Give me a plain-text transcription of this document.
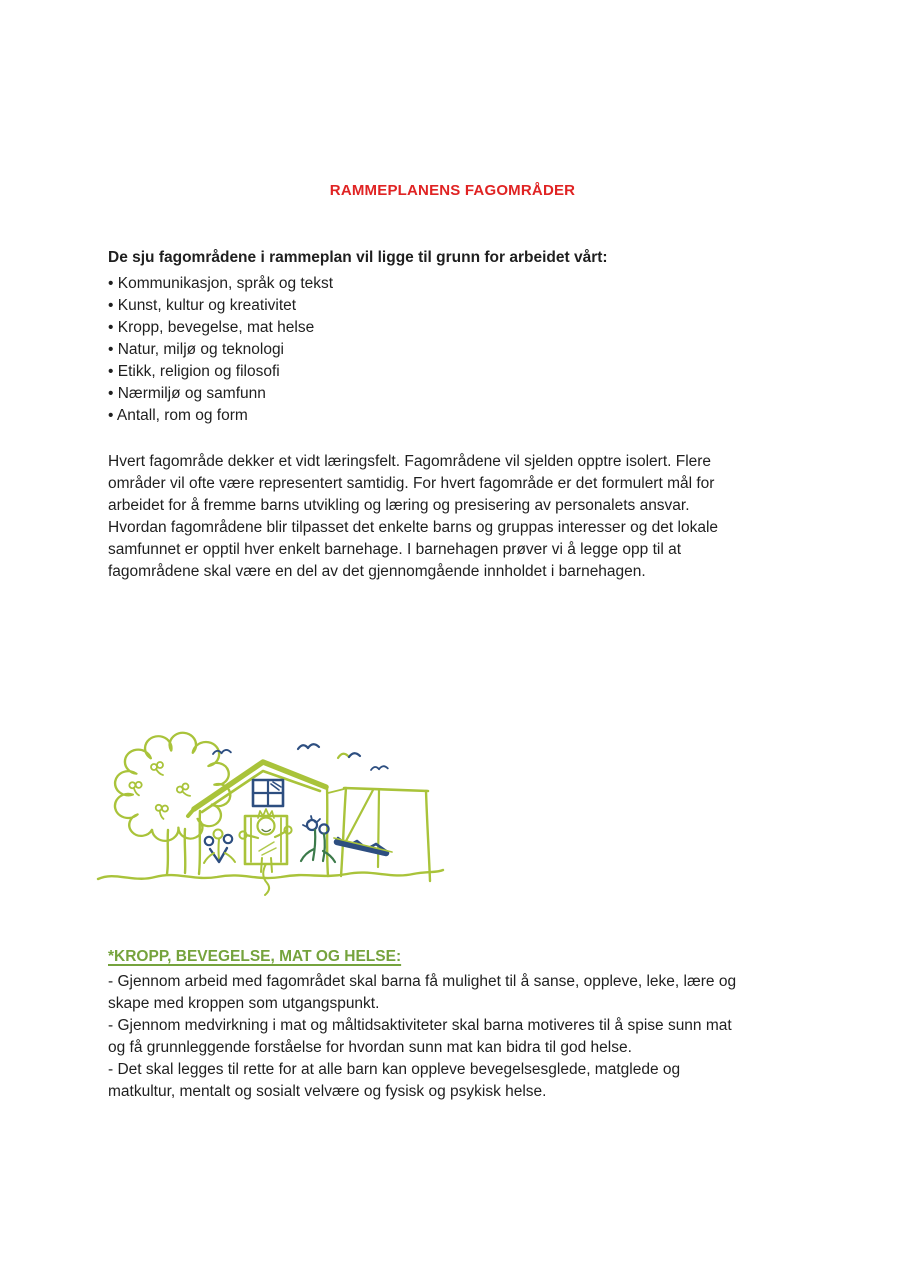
RAMMEPLANENS FAGOMRÅDER
De sju fagområdene i rammeplan vil ligge til grunn for arbeidet vårt:
• Kommunikasjon, språk og tekst
• Kunst, kultur og kreativitet
• Kropp, bevegelse, mat helse
• Natur, miljø og teknologi
• Etikk, religion og filosofi
• Nærmiljø og samfunn
• Antall, rom og form
Hvert fagområde dekker et vidt læringsfelt. Fagområdene vil sjelden opptre isolert. Flere
områder vil ofte være representert samtidig. For hvert fagområde er det formulert mål for
arbeidet for å fremme barns utvikling og læring og presisering av personalets ansvar.
Hvordan fagområdene blir tilpasset det enkelte barns og gruppas interesser og det lokale
samfunnet er opptil hver enkelt barnehage. I barnehagen prøver vi å legge opp til at
fagområdene skal være en del av det gjennomgående innholdet i barnehagen.
*KROPP, BEVEGELSE, MAT OG HELSE:
- Gjennom arbeid med fagområdet skal barna få mulighet til å sanse, oppleve, leke, lære og
skape med kroppen som utgangspunkt.
- Gjennom medvirkning i mat og måltidsaktiviteter skal barna motiveres til å spise sunn mat
og få grunnleggende forståelse for hvordan sunn mat kan bidra til god helse.
- Det skal legges til rette for at alle barn kan oppleve bevegelsesglede, matglede og
matkultur, mentalt og sosialt velvære og fysisk og psykisk helse.
